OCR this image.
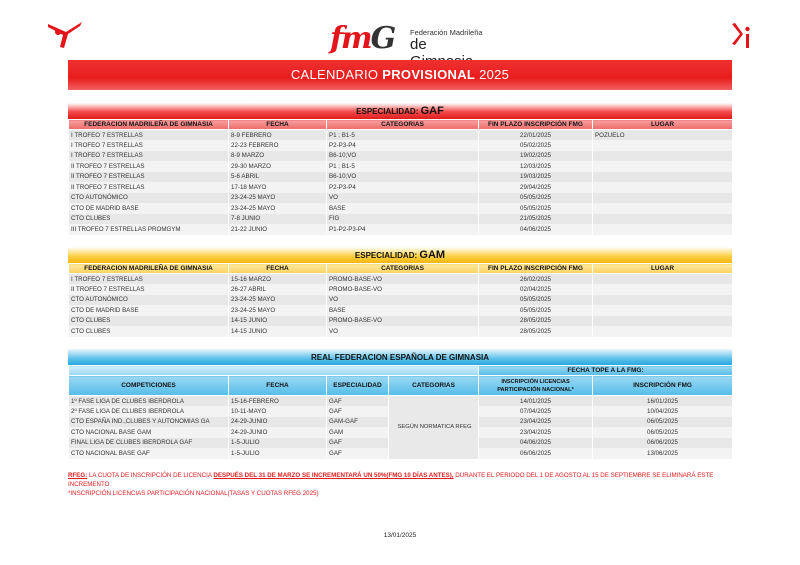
fmG Federación Madrileña
de
CALENDARIO PROVISIONAL 2025
ESPECIALIDAD: GAF
FEDERACION MADRILEÑA DE GIMNASIA	FECHA	CATEGORIAS	FIN PLAZO INSCRIPCIÓN FMG	LUGAR
I TROFEO 7 ESTRELLAS	8-9 FEBRERO	P1 ; B1-5	22/01/2025	POZUELO
I TROFEO 7 ESTRELLAS	22-23 FEBRERO	P2-P3-P4	05/02/2025	
I TROFEO 7 ESTRELLAS	8-9 MARZO	B6-10;VO	19/02/2025	
II TROFEO 7 ESTRELLAS	29-30 MARZO	P1 ; B1-5	12/03/2025	
II TROFEO 7 ESTRELLAS	5-6 ABRIL	B6-10;VO	19/03/2025	
II TROFEO 7 ESTRELLAS	17-18 MAYO	P2-P3-P4	29/04/2025	
CTO AUTONÓMICO	23-24-25 MAYO	VO	05/05/2025	
CTO DE MADRID BASE	23-24-25 MAYO	BASE	05/05/2025	
CTO CLUBES	7-8 JUNIO	FIG	21/05/2025	
III TROFEO 7 ESTRELLAS PROMGYM	21-22 JUNIO	P1-P2-P3-P4	04/06/2025	
ESPECIALIDAD: GAM
FEDERACION MADRILEÑA DE GIMNASIA	FECHA	CATEGORIAS	FIN PLAZO INSCRIPCIÓN FMG	LUGAR
I TROFEO 7 ESTRELLAS	15-16 MARZO	PROMO-BASE-VO	26/02/2025	
II TROFEO 7 ESTRELLAS	26-27 ABRIL	PROMO-BASE-VO	02/04/2025	
CTO AUTONÓMICO	23-24-25 MAYO	VO	05/05/2025	
CTO DE MADRID BASE	23-24-25 MAYO	BASE	05/05/2025	
CTO CLUBES	14-15 JUNIO	PROMO-BASE-VO	28/05/2025	
CTO CLUBES	14-15 JUNIO	VO	28/05/2025	
REAL FEDERACION ESPAÑOLA DE GIMNASIA
				FECHA TOPE A LA FMG:	
COMPETICIONES	FECHA	ESPECIALIDAD	CATEGORIAS	INSCRIPCIÓN LICENCIAS
PARTICIPACIÓN NACIONAL*	INSCRIPCIÓN FMG
1º FASE LIGA DE CLUBES IBERDROLA	15-16-FEBRERO	GAF	SEGÚN NORMATICA RFEG	14/01/2025	16/01/2025
2º FASE LIGA DE CLUBES IBERDROLA	10-11-MAYO	GAF		07/04/2025	10/04/2025
CTO ESPAÑA IND.,CLUBES Y AUTONOMIAS GA	24-29-JUNIO	GAM-GAF		23/04/2025	06/05/2025
CTO NACIONAL BASE GAM	24-29-JUNIO	GAM		23/04/2025	06/05/2025
FINAL LIGA DE CLUBES IBERDROLA GAF	1-5-JULIO	GAF		04/06/2025	06/06/2025
CTO NACIONAL BASE GAF	1-5-JULIO	GAF		06/06/2025	13/06/2025
RFEG: LA CUOTA DE INSCRIPCIÓN DE LICENCIA DESPUÉS DEL 31 DE MARZO SE INCREMENTARÁ UN 50%(FMG 10 DÍAS ANTES), DURANTE EL PERIODO DEL 1 DE AGOSTO AL 15 DE SEPTIEMBRE SE ELIMINARÁ ESTE INCREMENTO
*INSCRIPCIÓN LICENCIAS PARTICIPACIÓN NACIONAL(TASAS Y CUOTAS RFEG 2025)
13/01/2025
